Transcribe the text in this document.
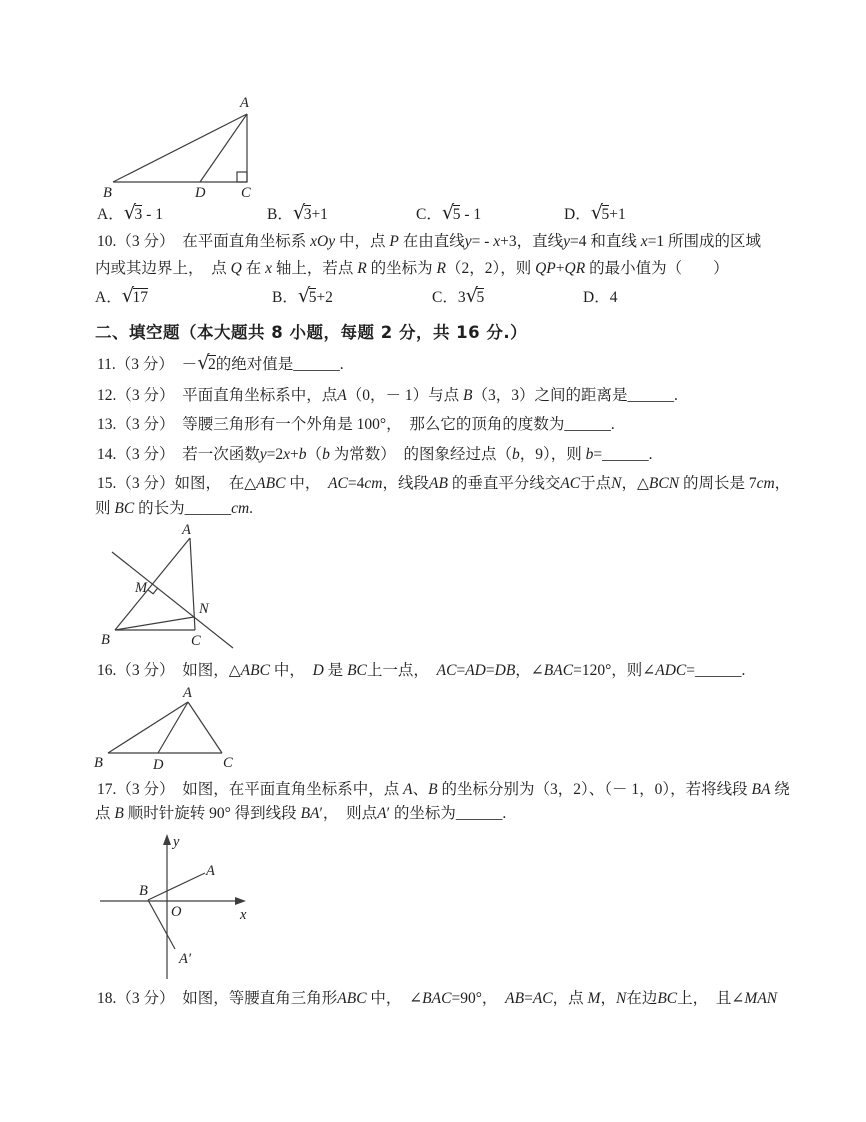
A
B	D C
A．√3 - 1	B．√3+1	C．√5 - 1	D．√5+1
10.（3 分）　在平面直角坐标系 xOy 中，点 P 在由直线y= - x+3，直线y=4 和直线 x=1 所围成的区域
内或其边界上，　点 Q 在 x 轴上，若点 R 的坐标为 R（2，2），则 QP+QR 的最小值为（　　）
A．√17	B．√5+2	C．3√5	D．4
二、填空题（本大题共 8 小题，每题 2 分，共 16 分.）
11.（3 分）　－√2的绝对值是______.
12.（3 分）　平面直角坐标系中，点A（0，－ 1）与点 B（3，3）之间的距离是______.
13.（3 分）　等腰三角形有一个外角是 100°，　那么它的顶角的度数为______.
14.（3 分）　若一次函数y=2x+b（b 为常数）　的图象经过点（b，9），则 b=______.
15.（3 分）如图，　在△ABC 中，　AC=4cm，线段AB 的垂直平分线交AC于点N，△BCN 的周长是 7cm，
则 BC 的长为______cm.
A
M
N
B	C
16.（3 分）　如图，△ABC 中，　D 是 BC上一点，　AC=AD=DB，∠BAC=120°，则∠ADC=______.
A
B	D	C
17.（3 分）　如图，在平面直角坐标系中，点 A、B 的坐标分别为（3，2）、（－ 1，0），若将线段 BA 绕
点 B 顺时针旋转 90° 得到线段 BA′，　则点A′ 的坐标为______.
y
x
O
B
A
A′
18.（3 分）　如图，等腰直角三角形ABC 中，　∠BAC=90°，　AB=AC，点 M，N在边BC上，　且∠MAN
